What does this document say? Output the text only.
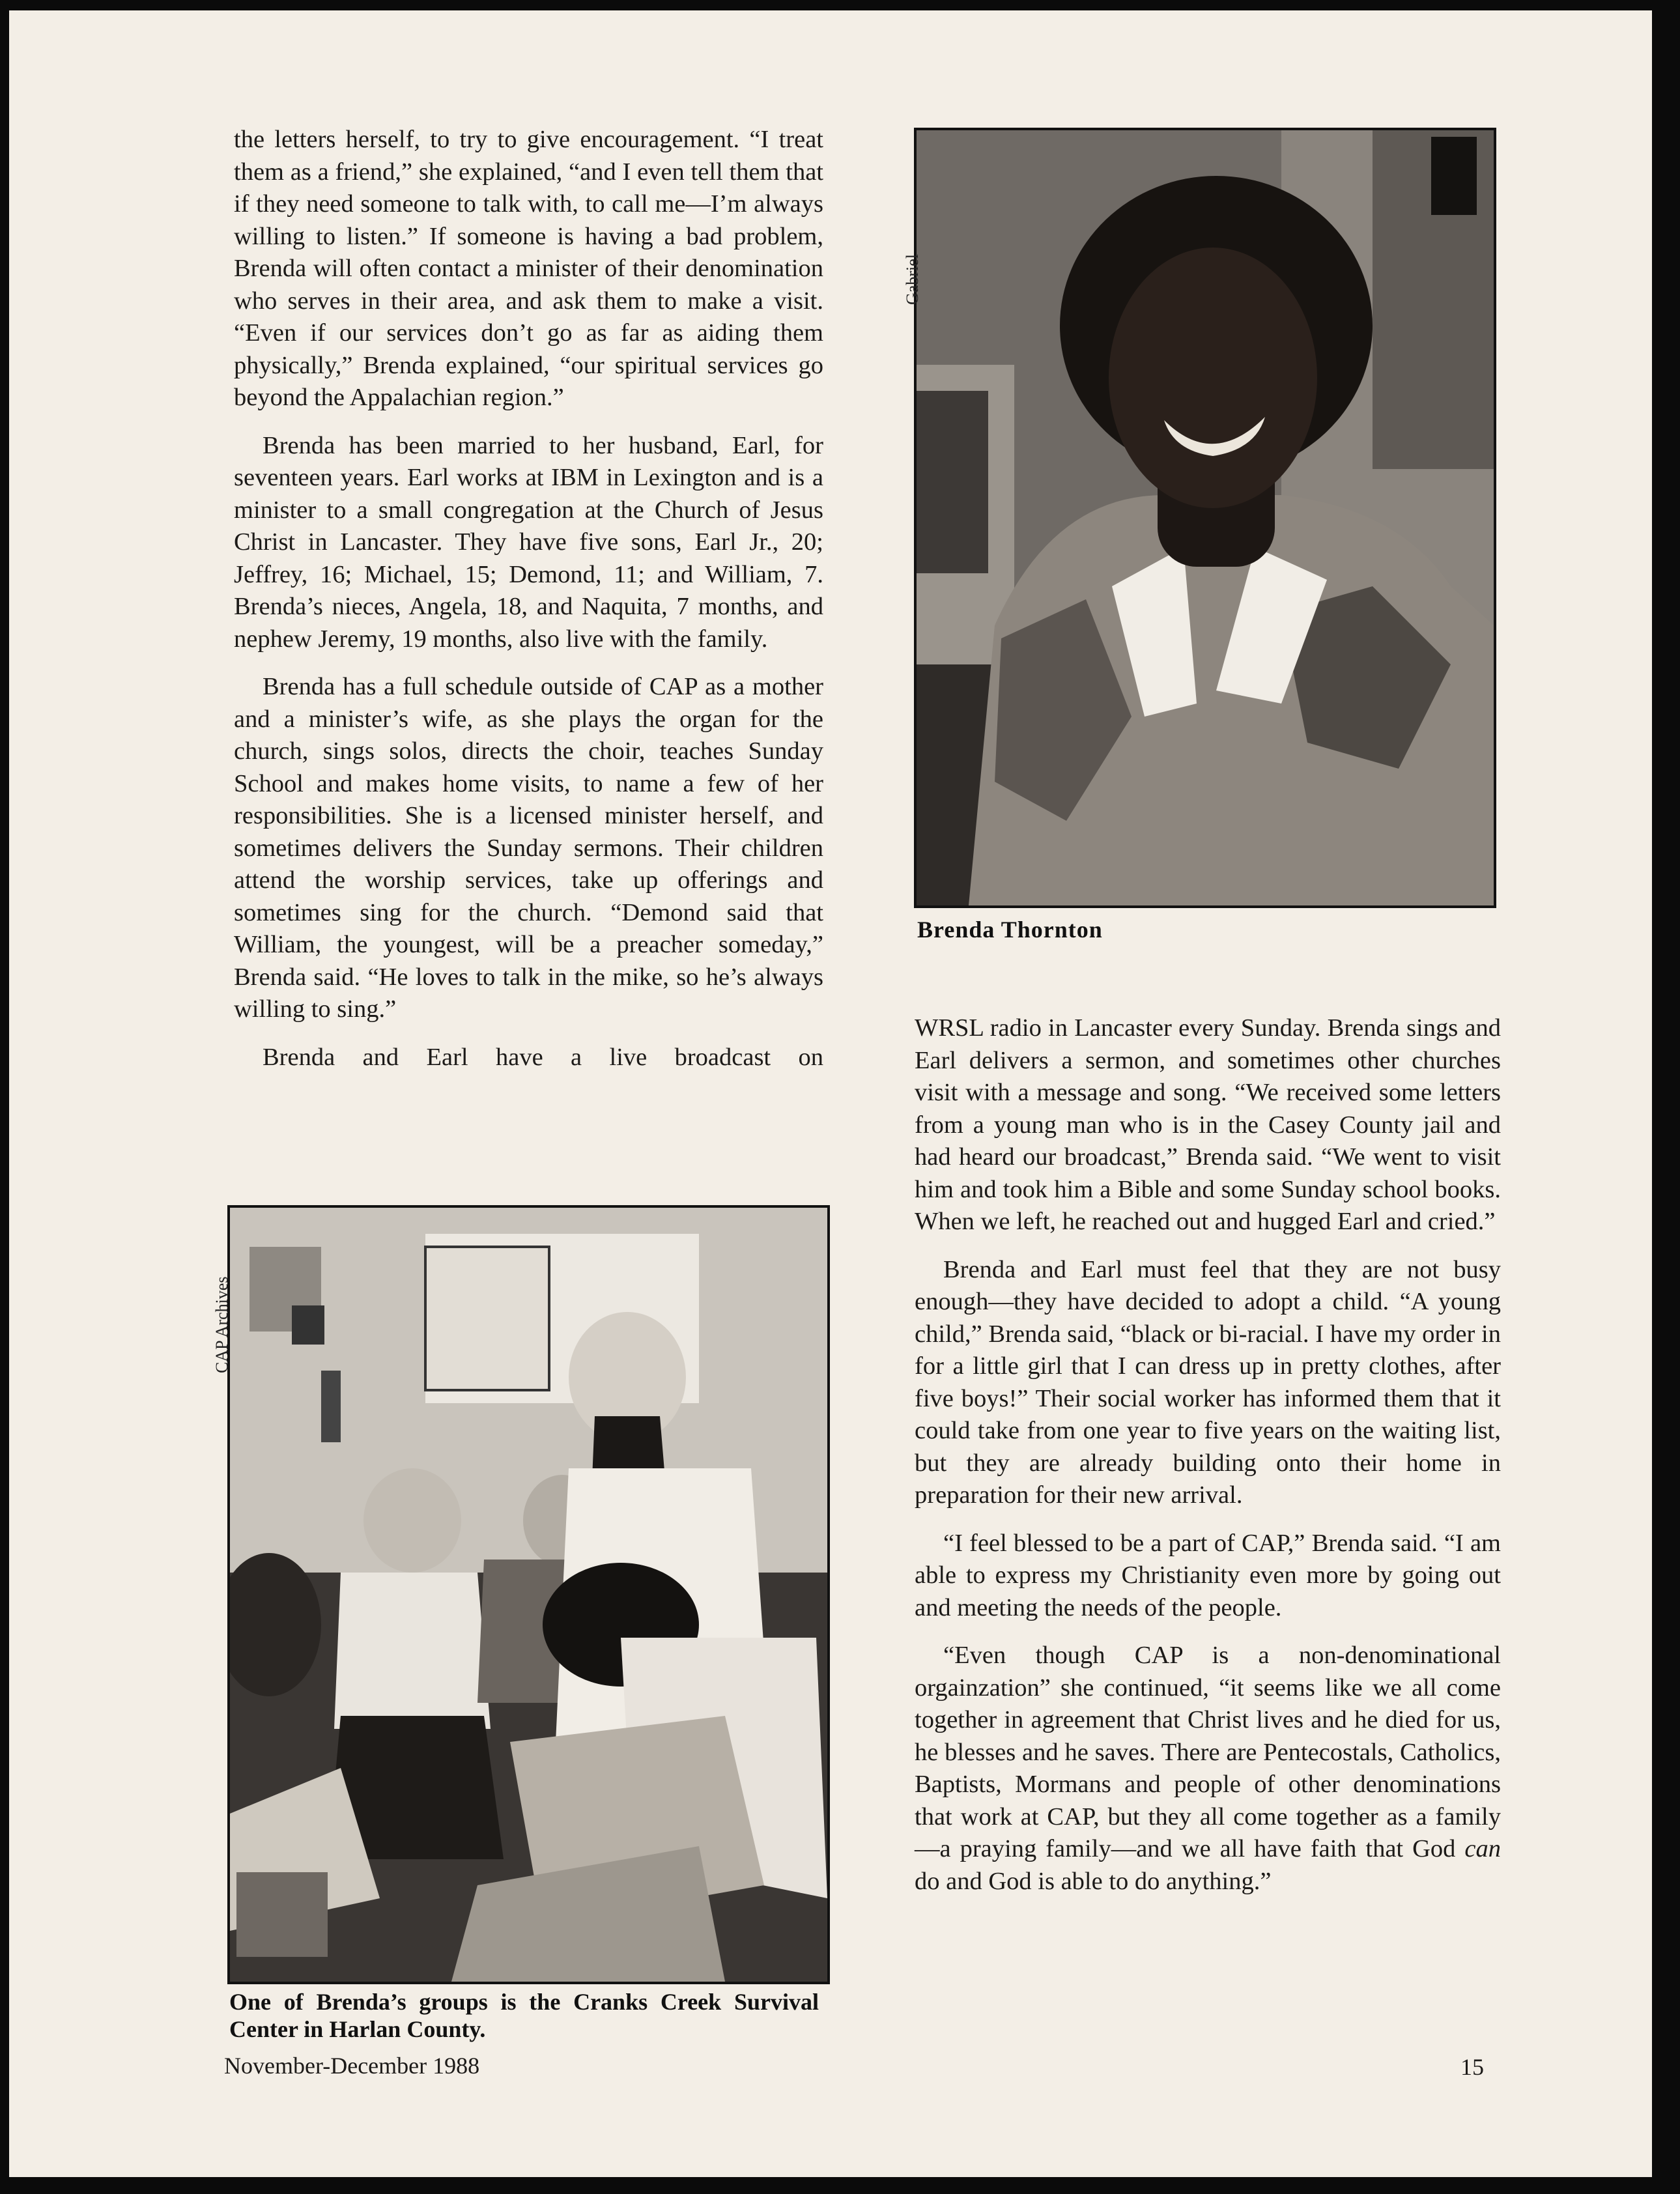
the letters herself, to try to give encouragement. “I treat them as a friend,” she explained, “and I even tell them that if they need someone to talk with, to call me—I’m always willing to listen.” If someone is having a bad problem, Brenda will often contact a minister of their denomination who serves in their area, and ask them to make a visit. “Even if our services don’t go as far as aiding them physically,” Brenda explained, “our spiritual services go beyond the Appalachian region.”

Brenda has been married to her husband, Earl, for seventeen years. Earl works at IBM in Lexington and is a minister to a small congregation at the Church of Jesus Christ in Lancaster. They have five sons, Earl Jr., 20; Jeffrey, 16; Michael, 15; Demond, 11; and William, 7. Brenda’s nieces, Angela, 18, and Naquita, 7 months, and nephew Jeremy, 19 months, also live with the family.

Brenda has a full schedule outside of CAP as a mother and a minister’s wife, as she plays the organ for the church, sings solos, directs the choir, teaches Sunday School and makes home visits, to name a few of her responsibilities. She is a licensed minister herself, and sometimes delivers the Sunday sermons. Their children attend the worship services, take up offerings and sometimes sing for the church. “Demond said that William, the youngest, will be a preacher someday,” Brenda said. “He loves to talk in the mike, so he’s always willing to sing.”

Brenda and Earl have a live broadcast on

Gabriel
Brenda Thornton

WRSL radio in Lancaster every Sunday. Brenda sings and Earl delivers a sermon, and sometimes other churches visit with a message and song. “We received some letters from a young man who is in the Casey County jail and had heard our broadcast,” Brenda said. “We went to visit him and took him a Bible and some Sunday school books. When we left, he reached out and hugged Earl and cried.”

Brenda and Earl must feel that they are not busy enough—they have decided to adopt a child. “A young child,” Brenda said, “black or bi-racial. I have my order in for a little girl that I can dress up in pretty clothes, after five boys!” Their social worker has informed them that it could take from one year to five years on the waiting list, but they are already building onto their home in preparation for their new arrival.

“I feel blessed to be a part of CAP,” Brenda said. “I am able to express my Christianity even more by going out and meeting the needs of the people.

“Even though CAP is a non-denominational orgainzation” she continued, “it seems like we all come together in agreement that Christ lives and he died for us, he blesses and he saves. There are Pentecostals, Catholics, Baptists, Mormans and people of other denominations that work at CAP, but they all come together as a family—a praying family—and we all have faith that God can do and God is able to do anything.”

CAP Archives
One of Brenda’s groups is the Cranks Creek Survival Center in Harlan County.
November-December 1988	15
